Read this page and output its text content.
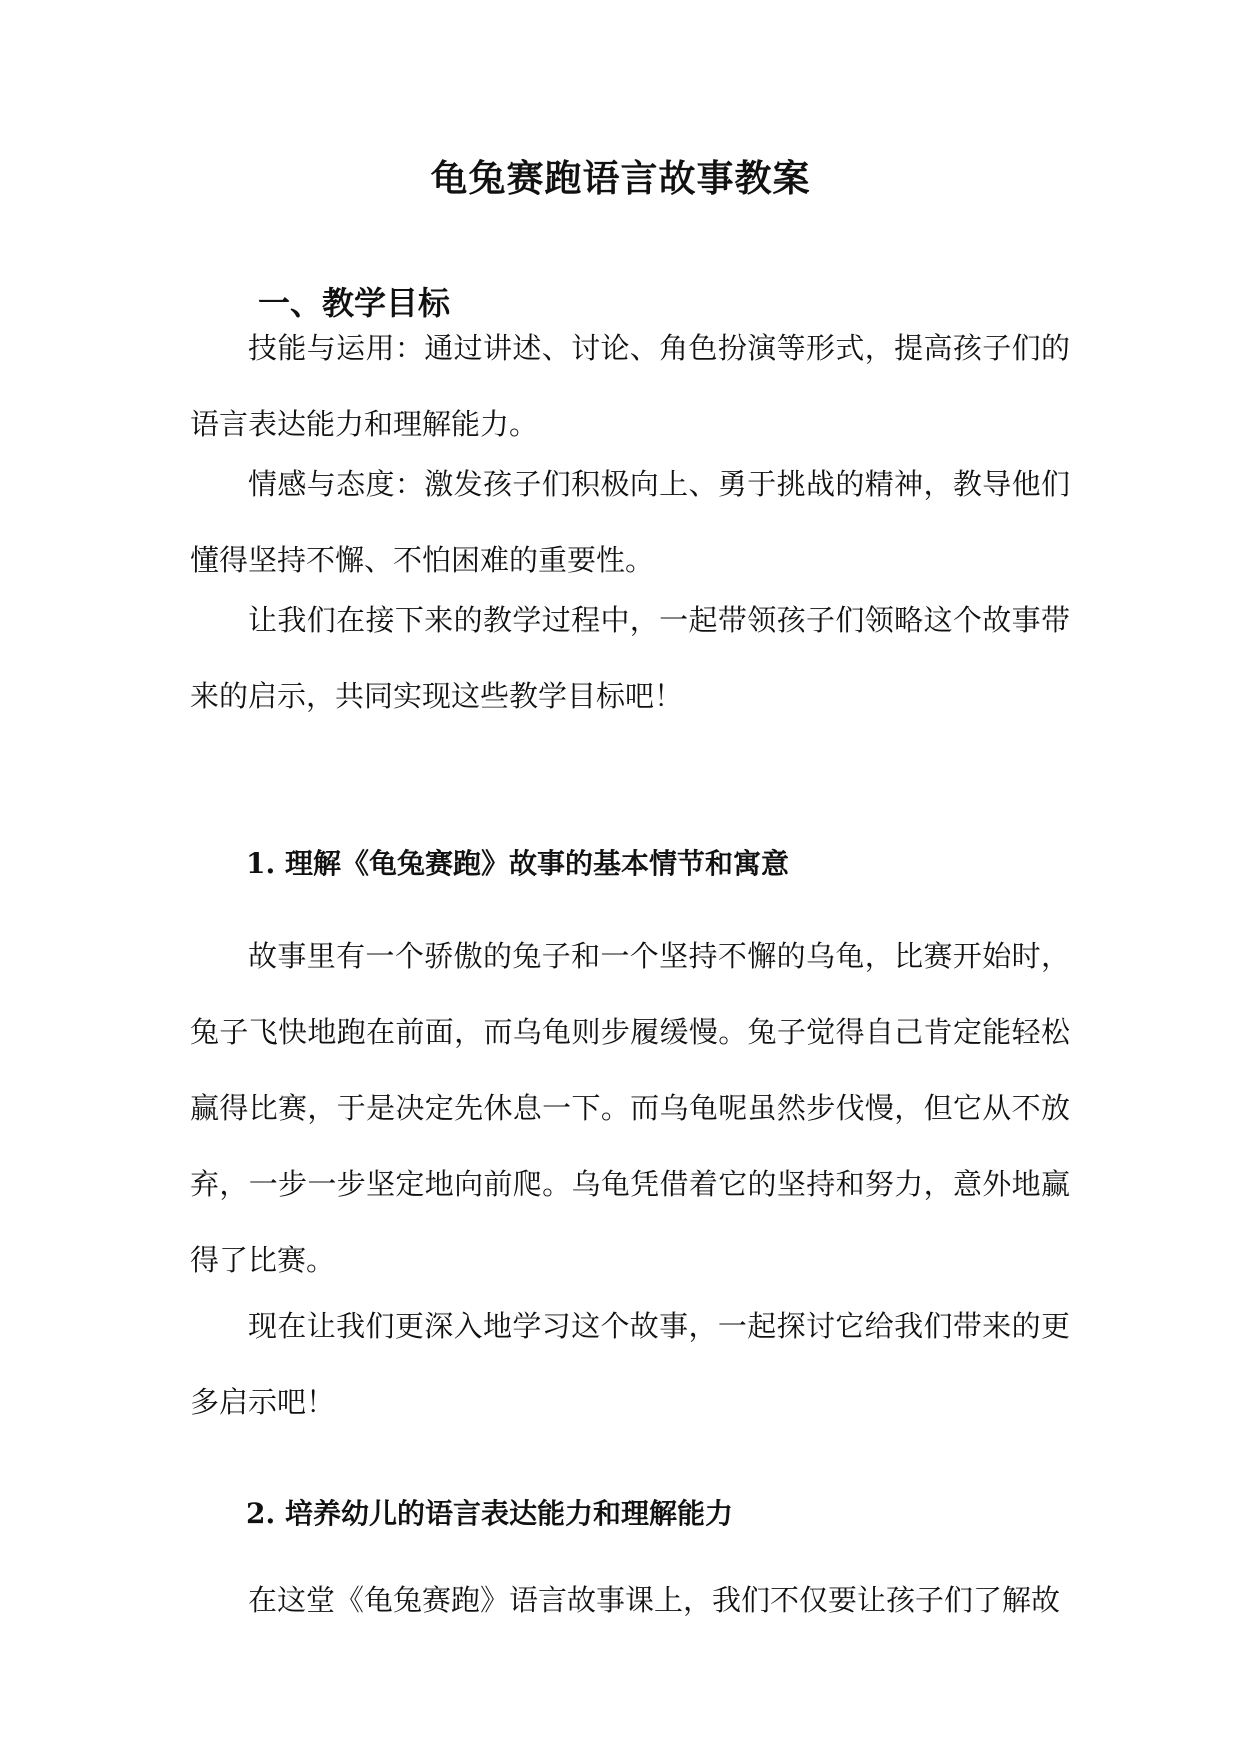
龟兔赛跑语言故事教案
一、教学目标

技能与运用：通过讲述、讨论、角色扮演等形式，提高孩子们的语言表达能力和理解能力。

情感与态度：激发孩子们积极向上、勇于挑战的精神，教导他们懂得坚持不懈、不怕困难的重要性。

让我们在接下来的教学过程中，一起带领孩子们领略这个故事带来的启示，共同实现这些教学目标吧！

1. 理解《龟兔赛跑》故事的基本情节和寓意

故事里有一个骄傲的兔子和一个坚持不懈的乌龟，比赛开始时，兔子飞快地跑在前面，而乌龟则步履缓慢。兔子觉得自己肯定能轻松赢得比赛，于是决定先休息一下。而乌龟呢虽然步伐慢，但它从不放弃，一步一步坚定地向前爬。乌龟凭借着它的坚持和努力，意外地赢得了比赛。

现在让我们更深入地学习这个故事，一起探讨它给我们带来的更多启示吧！

2. 培养幼儿的语言表达能力和理解能力

在这堂《龟兔赛跑》语言故事课上，我们不仅要让孩子们了解故
